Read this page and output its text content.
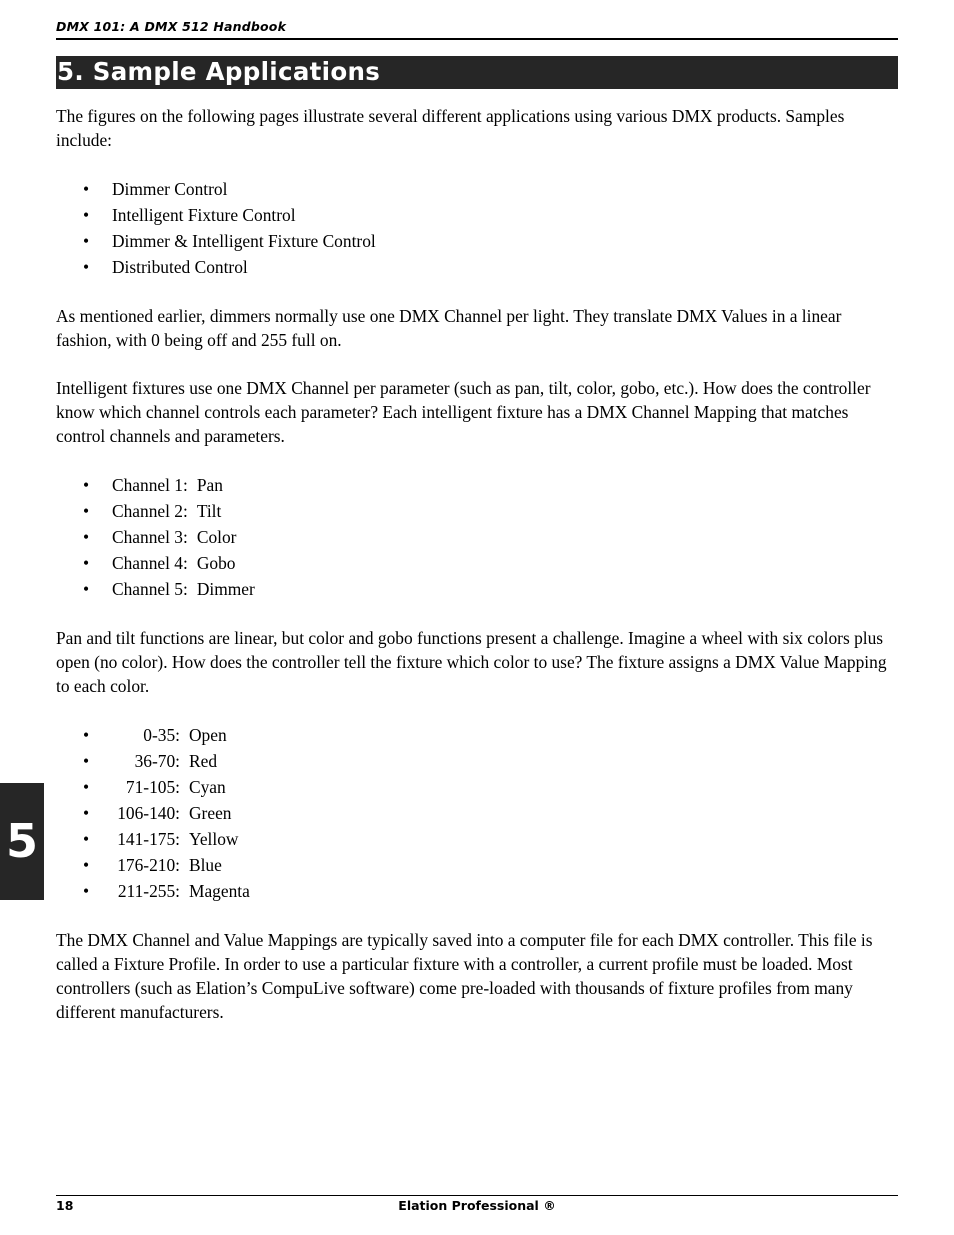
DMX 101: A DMX 512 Handbook
5. Sample Applications

The figures on the following pages illustrate several different applications using various DMX products. Samples include:

• Dimmer Control
• Intelligent Fixture Control
• Dimmer & Intelligent Fixture Control
• Distributed Control

As mentioned earlier, dimmers normally use one DMX Channel per light. They translate DMX Values in a linear fashion, with 0 being off and 255 full on.

Intelligent fixtures use one DMX Channel per parameter (such as pan, tilt, color, gobo, etc.). How does the controller know which channel controls each parameter? Each intelligent fixture has a DMX Channel Mapping that matches control channels and parameters.

• Channel 1: Pan
• Channel 2: Tilt
• Channel 3: Color
• Channel 4: Gobo
• Channel 5: Dimmer

Pan and tilt functions are linear, but color and gobo functions present a challenge. Imagine a wheel with six colors plus open (no color). How does the controller tell the fixture which color to use? The fixture assigns a DMX Value Mapping to each color.

•	0-35: Open
•	36-70: Red
• 71-105: Cyan
• 106-140: Green
• 141-175: Yellow
• 176-210: Blue
• 211-255: Magenta

The DMX Channel and Value Mappings are typically saved into a computer file for each DMX controller. This file is called a Fixture Profile. In order to use a particular fixture with a controller, a current profile must be loaded. Most controllers (such as Elation’s CompuLive software) come pre-loaded with thousands of fixture profiles from many different manufacturers.

5
18	Elation Professional ®
